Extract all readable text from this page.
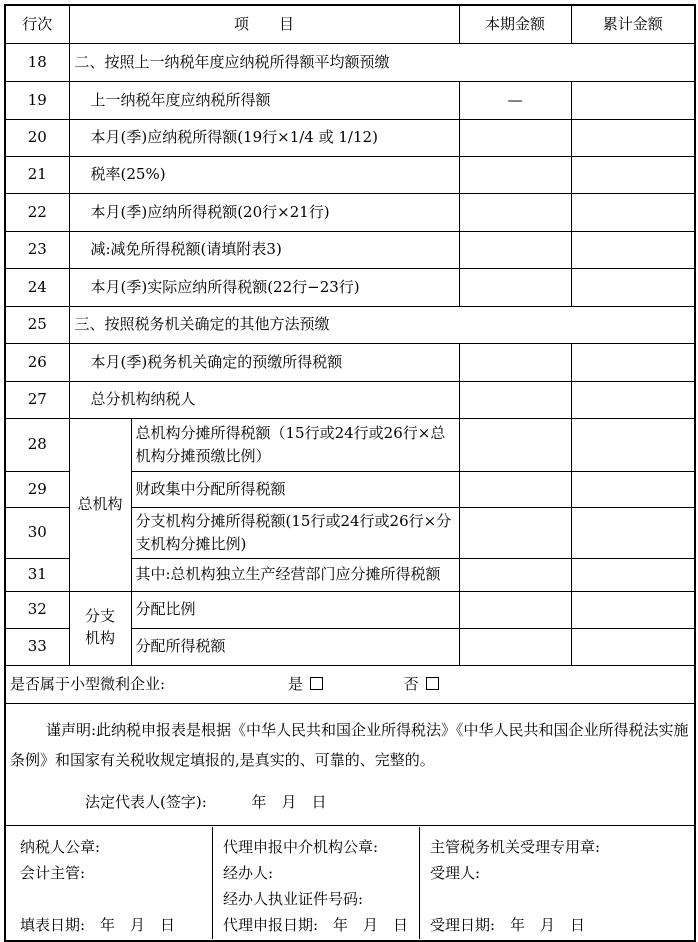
行次	项　　目		本期金额	累计金额
18	二、按照上一纳税年度应纳税所得额平均额预缴			
19	上一纳税年度应纳税所得额		—	
20	本月(季)应纳税所得额(19行×1/4 或 1/12)			
21	税率(25%)			
22	本月(季)应纳所得税额(20行×21行)			
23	减:减免所得税额(请填附表3)			
24	本月(季)实际应纳所得税额(22行−23行)			
25	三、按照税务机关确定的其他方法预缴			
26	本月(季)税务机关确定的预缴所得税额			
27	总分机构纳税人			
28	总机构	总机构分摊所得税额（15行或24行或26行×总机构分摊预缴比例）		
29		财政集中分配所得税额		
30		分支机构分摊所得税额(15行或24行或26行×分支机构分摊比例)		
31		其中:总机构独立生产经营部门应分摊所得税额		
32	分支机构	分配比例		
33		分配所得税额		
是否属于小型微利企业: 是 否				

谨声明:此纳税申报表是根据《中华人民共和国企业所得税法》《中华人民共和国企业所得税法实施

条例》和国家有关税收规定填报的,是真实的、可靠的、完整的。

法定代表人(签字): 年　月　日				

纳税人公章:
会计主管:
填表日期:　年　月　日
代理申报中介机构公章:
经办人:
经办人执业证件号码:
代理申报日期:　年　月　日
主管税务机关受理专用章:
受理人:
受理日期:　年　月　日
